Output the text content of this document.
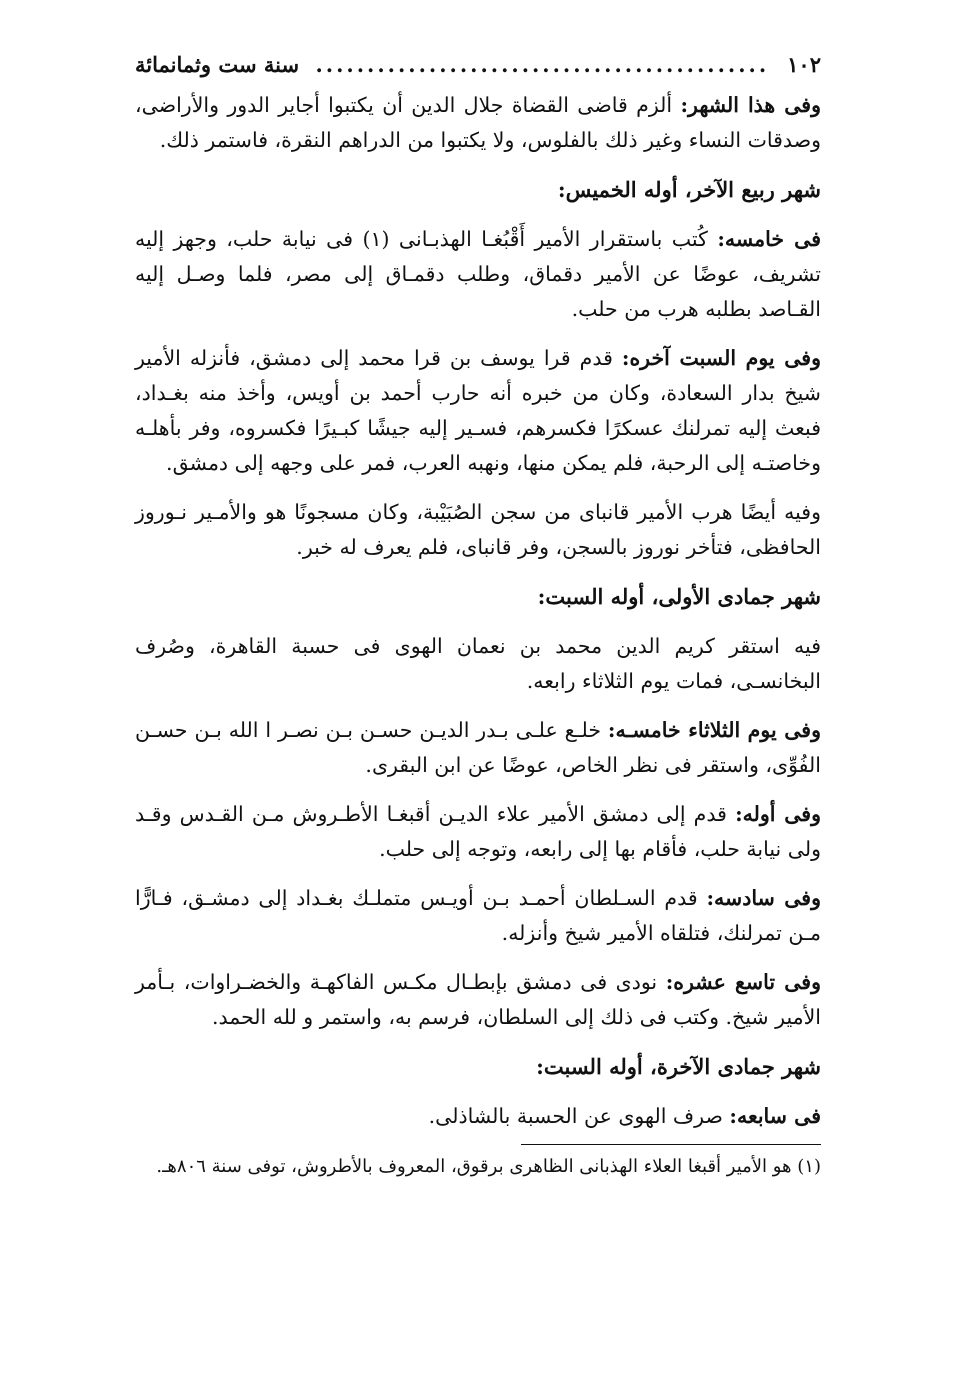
١٠٢
............................................
سنة ست وثمانمائة

وفى هذا الشهر: ألزم قاضى القضاة جلال الدين أن يكتبوا أجاير الدور والأراضى، وصدقات النساء وغير ذلك بالفلوس، ولا يكتبوا من الدراهم النقرة، فاستمر ذلك.

شهر ربيع الآخر، أوله الخميس:

فى خامسه: كُتب باستقرار الأمير أَقْبُغـا الهذبـانى (١) فى نيابة حلب، وجهز إليه تشريف، عوضًا عن الأمير دقماق، وطلب دقمـاق إلى مصر، فلما وصـل إليه القـاصد بطلبه هرب من حلب.

وفى يوم السبت آخره: قدم قرا يوسف بن قرا محمد إلى دمشق، فأنزله الأمير شيخ بدار السعادة، وكان من خبره أنه حارب أحمد بن أويس، وأخذ منه بغـداد، فبعث إليه تمرلنك عسكرًا فكسرهم، فسـير إليه جيشًا كبـيرًا فكسروه، وفر بأهلـه وخاصتـه إلى الرحبة، فلم يمكن منها، ونهبه العرب، فمر على وجهه إلى دمشق.

وفيه أيضًا هرب الأمير قانباى من سجن الصُبَيْبة، وكان مسجونًا هو والأمـير نـوروز الحافظى، فتأخر نوروز بالسجن، وفر قانباى، فلم يعرف له خبر.

شهر جمادى الأولى، أوله السبت:

فيه استقر كريم الدين محمد بن نعمان الهوى فى حسبة القاهرة، وصُرف البخانسـى، فمات يوم الثلاثاء رابعه.

وفى يوم الثلاثاء خامسـه: خلـع علـى بـدر الديـن حسـن بـن نصـر ا الله بـن حسـن الفُوِّى، واستقر فى نظر الخاص، عوضًا عن ابن البقرى.

وفى أوله: قدم إلى دمشق الأمير علاء الديـن أقبغـا الأطـروش مـن القـدس وقـد ولى نيابة حلب، فأقام بها إلى رابعه، وتوجه إلى حلب.

وفى سادسه: قدم السـلطان أحمـد بـن أويـس متملـك بغـداد إلى دمشـق، فـارًّا مـن تمرلنك، فتلقاه الأمير شيخ وأنزله.

وفى تاسع عشره: نودى فى دمشق بإبطـال مكـس الفاكهـة والخضـراوات، بـأمر الأمير شيخ. وكتب فى ذلك إلى السلطان، فرسم به، واستمر و لله الحمد.

شهر جمادى الآخرة، أوله السبت:

فى سابعه: صرف الهوى عن الحسبة بالشاذلى.

(١) هو الأمير أقبغا العلاء الهذبانى الظاهرى برقوق، المعروف بالأطروش، توفى سنة ٨٠٦هـ.
